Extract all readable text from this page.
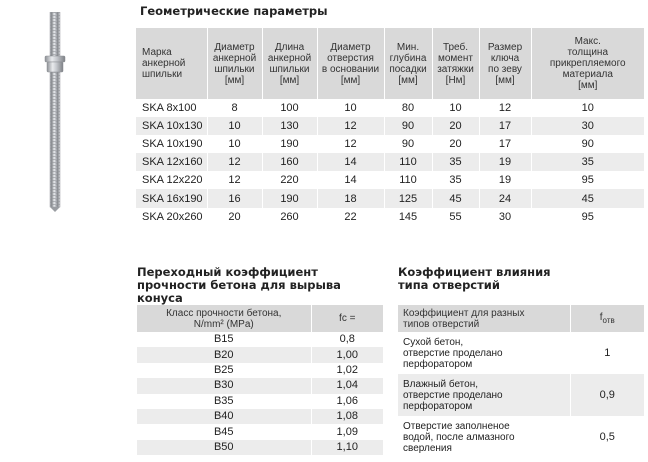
Геометрические параметры
Марка
анкерной
шпильки	Диаметр
анкерной
шпильки
[мм]	Длина
анкерной
шпильки
[мм]	Диаметр
отверстия
в основании
[мм]	Мин.
глубина
посадки
[мм]	Треб.
момент
затяжки
[Нм]	Размер
ключа
по зеву
[мм]	Макс.
толщина
прикрепляемого
материала
[мм]
SKA 8x100	8	100	10	80	10	12	10
SKA 10x130	10	130	12	90	20	17	30
SKA 10x190	10	190	12	90	20	17	90
SKA 12x160	12	160	14	110	35	19	35
SKA 12x220	12	220	14	110	35	19	95
SKA 16x190	16	190	18	125	45	24	45
SKA 20x260	20	260	22	145	55	30	95
Переходный коэффициент
прочности бетона для вырыва конуса
Класс прочности бетона,
N/mm² (MPa)	fc =
B15	0,8
B20	1,00
B25	1,02
B30	1,04
B35	1,06
B40	1,08
B45	1,09
B50	1,10
Коэффициент влияния
типа отверстий
Коэффициент для разных
типов отверстий	$f_{отв}$
Сухой бетон,
отверстие проделано
перфоратором	1
Влажный бетон,
отверстие проделано
перфоратором	0,9
Отверстие заполненое
водой, после алмазного
сверления	0,5
